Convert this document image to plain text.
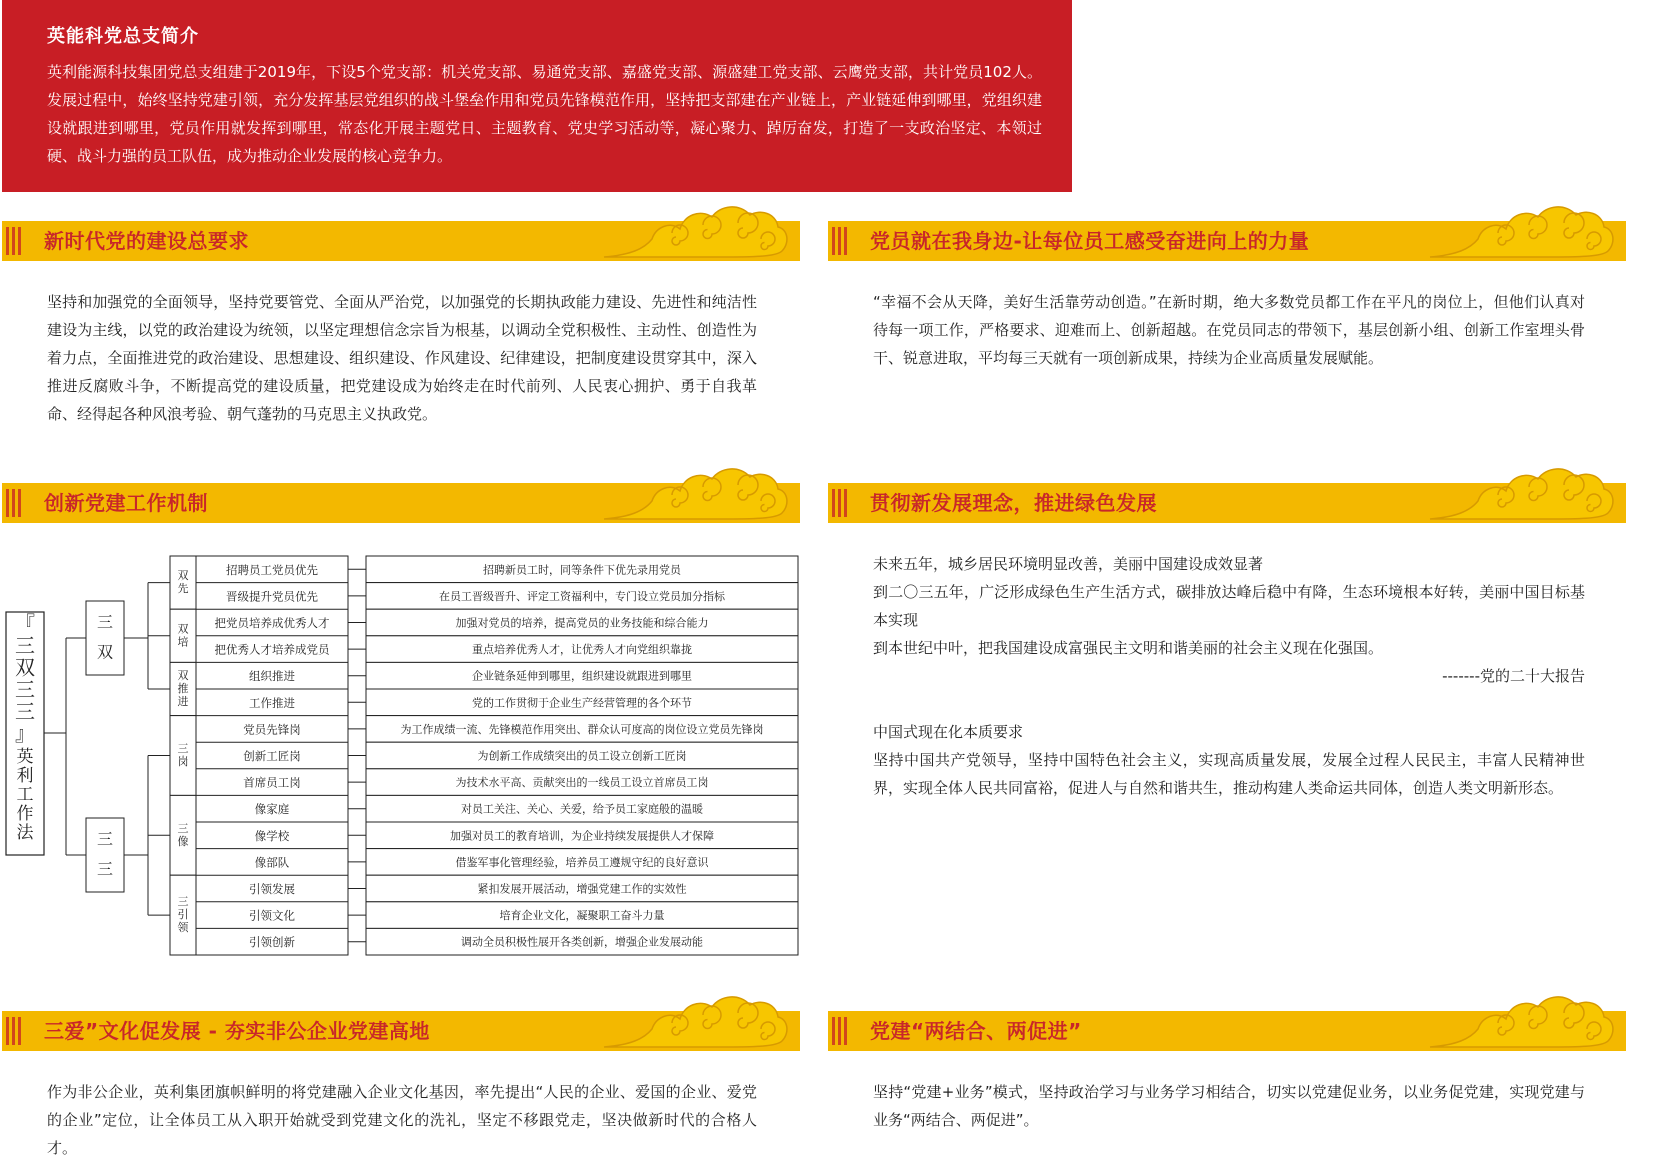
英能科党总支简介

英利能源科技集团党总支组建于2019年，下设5个党支部：机关党支部、易通党支部、嘉盛党支部、源盛建工党支部、云鹰党支部，共计党员102人。发展过程中，始终坚持党建引领，充分发挥基层党组织的战斗堡垒作用和党员先锋模范作用，坚持把支部建在产业链上，产业链延伸到哪里，党组织建设就跟进到哪里，党员作用就发挥到哪里，常态化开展主题党日、主题教育、党史学习活动等，凝心聚力、踔厉奋发，打造了一支政治坚定、本领过硬、战斗力强的员工队伍，成为推动企业发展的核心竞争力。

新时代党的建设总要求	党员就在我身边-让每位员工感受奋进向上的力量
创新党建工作机制	贯彻新发展理念，推进绿色发展
三爱”文化促发展 - 夯实非公企业党建高地	党建“两结合、两促进”

坚持和加强党的全面领导，坚持党要管党、全面从严治党，以加强党的长期执政能力建设、先进性和纯洁性建设为主线，以党的政治建设为统领，以坚定理想信念宗旨为根基，以调动全党积极性、主动性、创造性为着力点，全面推进党的政治建设、思想建设、组织建设、作风建设、纪律建设，把制度建设贯穿其中，深入推进反腐败斗争，不断提高党的建设质量，把党建设成为始终走在时代前列、人民衷心拥护、勇于自我革命、经得起各种风浪考验、朝气蓬勃的马克思主义执政党。

“幸福不会从天降，美好生活靠劳动创造。”在新时期，绝大多数党员都工作在平凡的岗位上，但他们认真对待每一项工作，严格要求、迎难而上、创新超越。在党员同志的带领下，基层创新小组、创新工作室埋头骨干、锐意进取，平均每三天就有一项创新成果，持续为企业高质量发展赋能。

未来五年，城乡居民环境明显改善，美丽中国建设成效显著

到二〇三五年，广泛形成绿色生产生活方式，碳排放达峰后稳中有降，生态环境根本好转，美丽中国目标基本实现

到本世纪中叶，把我国建设成富强民主文明和谐美丽的社会主义现在化强国。

-------党的二十大报告

中国式现在化本质要求

坚持中国共产党领导，坚持中国特色社会主义，实现高质量发展，发展全过程人民民主，丰富人民精神世界，实现全体人民共同富裕，促进人与自然和谐共生，推动构建人类命运共同体，创造人类文明新形态。

作为非公企业，英利集团旗帜鲜明的将党建融入企业文化基因，率先提出“人民的企业、爱国的企业、爱党的企业”定位，让全体员工从入职开始就受到党建文化的洗礼，坚定不移跟党走，坚决做新时代的合格人才。

坚持“党建+业务”模式，坚持政治学习与业务学习相结合，切实以党建促业务，以业务促党建，实现党建与业务“两结合、两促进”。

『
三
双
三
三
』
英
利
工
作
法
三
双
三
三
双
先
双
培
双
推
进
三
岗
三
像
三
引
领
招聘员工党员优先	招聘新员工时，同等条件下优先录用党员
晋级提升党员优先	在员工晋级晋升、评定工资福利中，专门设立党员加分指标
把党员培养成优秀人才	加强对党员的培养，提高党员的业务技能和综合能力
把优秀人才培养成党员	重点培养优秀人才，让优秀人才向党组织靠拢
组织推进	企业链条延伸到哪里，组织建设就跟进到哪里
工作推进	党的工作贯彻于企业生产经营管理的各个环节
党员先锋岗	为工作成绩一流、先锋模范作用突出、群众认可度高的岗位设立党员先锋岗
创新工匠岗	为创新工作成绩突出的员工设立创新工匠岗
首席员工岗	为技术水平高、贡献突出的一线员工设立首席员工岗
像家庭	对员工关注、关心、关爱，给予员工家庭般的温暖
像学校	加强对员工的教育培训，为企业持续发展提供人才保障
像部队	借鉴军事化管理经验，培养员工遵规守纪的良好意识
引领发展	紧扣发展开展活动，增强党建工作的实效性
引领文化	培育企业文化，凝聚职工奋斗力量
引领创新	调动全员积极性展开各类创新，增强企业发展动能
